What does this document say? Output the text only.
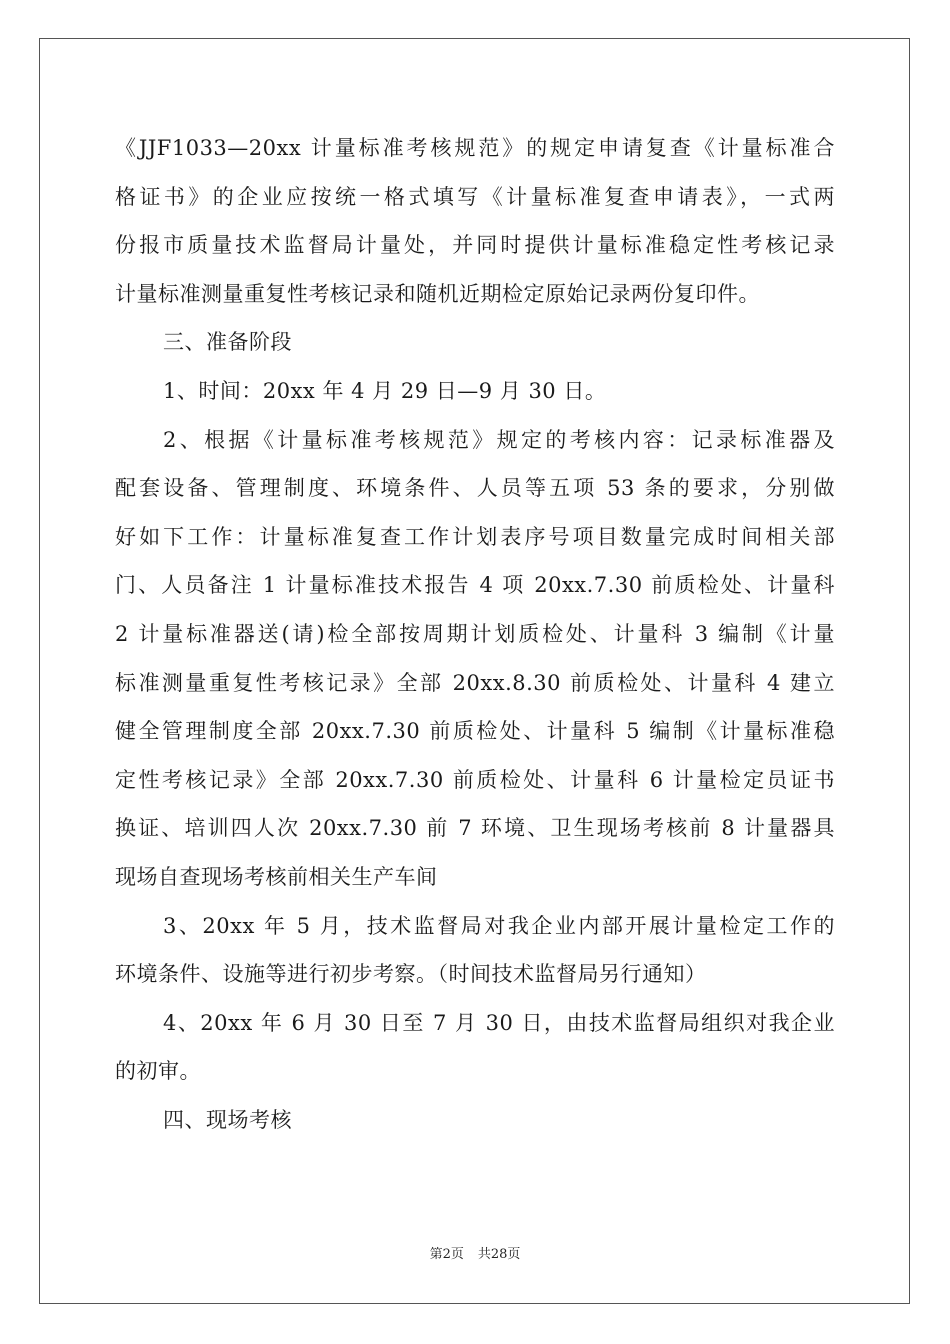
《JJF1033—20xx 计量标准考核规范》的规定申请复查《计量标准合
格证书》的企业应按统一格式填写《计量标准复查申请表》，一式两
份报市质量技术监督局计量处，并同时提供计量标准稳定性考核记录
计量标准测量重复性考核记录和随机近期检定原始记录两份复印件。
三、准备阶段
1、时间：20xx 年 4 月 29 日—9 月 30 日。
2、根据《计量标准考核规范》规定的考核内容：记录标准器及
配套设备、管理制度、环境条件、人员等五项 53 条的要求，分别做
好如下工作：计量标准复查工作计划表序号项目数量完成时间相关部
门、人员备注 1 计量标准技术报告 4 项 20xx.7.30 前质检处、计量科
2 计量标准器送(请)检全部按周期计划质检处、计量科 3 编制《计量
标准测量重复性考核记录》全部 20xx.8.30 前质检处、计量科 4 建立
健全管理制度全部 20xx.7.30 前质检处、计量科 5 编制《计量标准稳
定性考核记录》全部 20xx.7.30 前质检处、计量科 6 计量检定员证书
换证、培训四人次 20xx.7.30 前 7 环境、卫生现场考核前 8 计量器具
现场自查现场考核前相关生产车间
3、20xx 年 5 月，技术监督局对我企业内部开展计量检定工作的
环境条件、设施等进行初步考察。（时间技术监督局另行通知）
4、20xx 年 6 月 30 日至 7 月 30 日，由技术监督局组织对我企业
的初审。
四、现场考核
第2页 共28页
